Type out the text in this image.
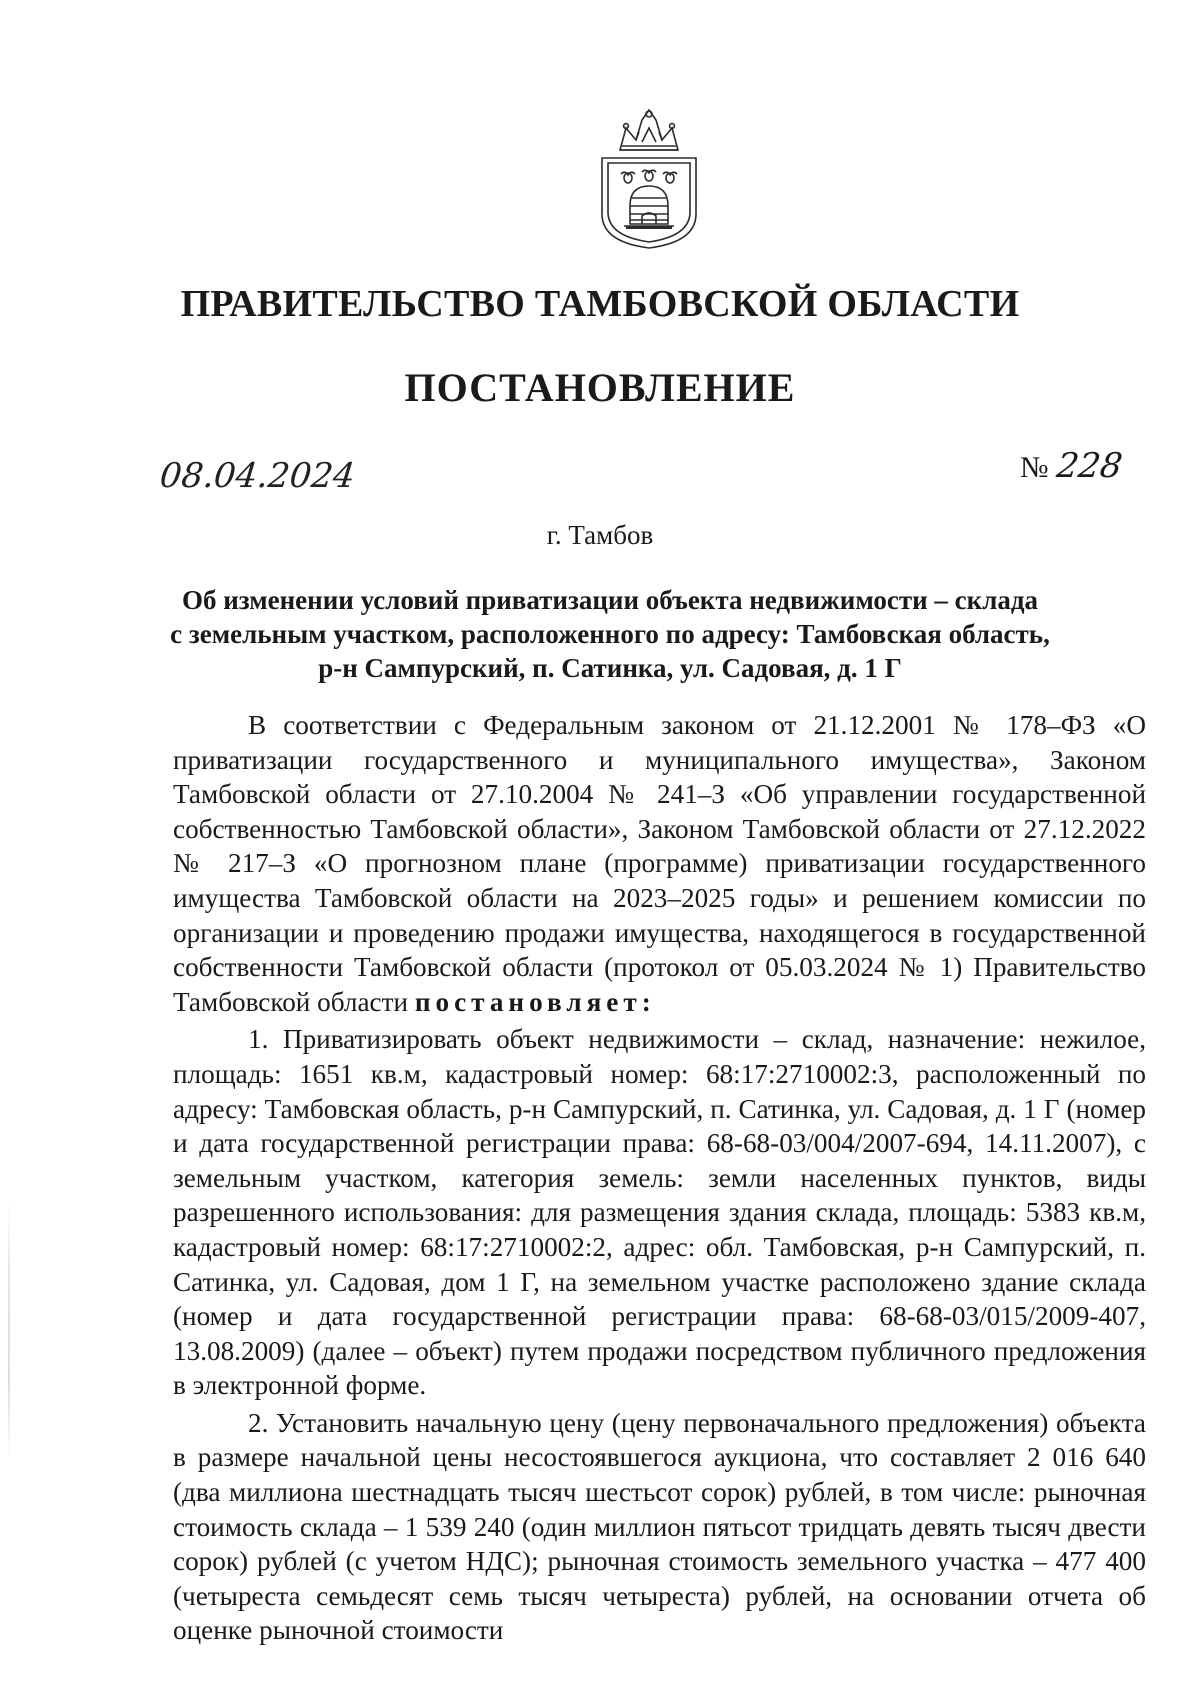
ПРАВИТЕЛЬСТВО ТАМБОВСКОЙ ОБЛАСТИ
ПОСТАНОВЛЕНИЕ
08.04.2024	№ 228
г. Тамбов
Об изменении условий приватизации объекта недвижимости – склада
с земельным участком, расположенного по адресу: Тамбовская область,
р-н Сампурский, п. Сатинка, ул. Садовая, д. 1 Г

В соответствии с Федеральным законом от 21.12.2001 № 178–ФЗ «О приватизации государственного и муниципального имущества», Законом Тамбовской области от 27.10.2004 № 241–З «Об управлении государственной собственностью Тамбовской области», Законом Тамбовской области от 27.12.2022 № 217–З «О прогнозном плане (программе) приватизации государственного имущества Тамбовской области на 2023–2025 годы» и решением комиссии по организации и проведению продажи имущества, находящегося в государственной собственности Тамбовской области (протокол от 05.03.2024 № 1) Правительство Тамбовской области постановляет:

1. Приватизировать объект недвижимости – склад, назначение: нежилое, площадь: 1651 кв.м, кадастровый номер: 68:17:2710002:3, расположенный по адресу: Тамбовская область, р-н Сампурский, п. Сатинка, ул. Садовая, д. 1 Г (номер и дата государственной регистрации права: 68-68-03/004/2007-694, 14.11.2007), с земельным участком, категория земель: земли населенных пунктов, виды разрешенного использования: для размещения здания склада, площадь: 5383 кв.м, кадастровый номер: 68:17:2710002:2, адрес: обл. Тамбовская, р-н Сампурский, п. Сатинка, ул. Садовая, дом 1 Г, на земельном участке расположено здание склада (номер и дата государственной регистрации права: 68-68-03/015/2009-407, 13.08.2009) (далее – объект) путем продажи посредством публичного предложения в электронной форме.

2. Установить начальную цену (цену первоначального предложения) объекта в размере начальной цены несостоявшегося аукциона, что составляет 2 016 640 (два миллиона шестнадцать тысяч шестьсот сорок) рублей, в том числе: рыночная стоимость склада – 1 539 240 (один миллион пятьсот тридцать девять тысяч двести сорок) рублей (с учетом НДС); рыночная стоимость земельного участка – 477 400 (четыреста семьдесят семь тысяч четыреста) рублей, на основании отчета об оценке рыночной стоимости
